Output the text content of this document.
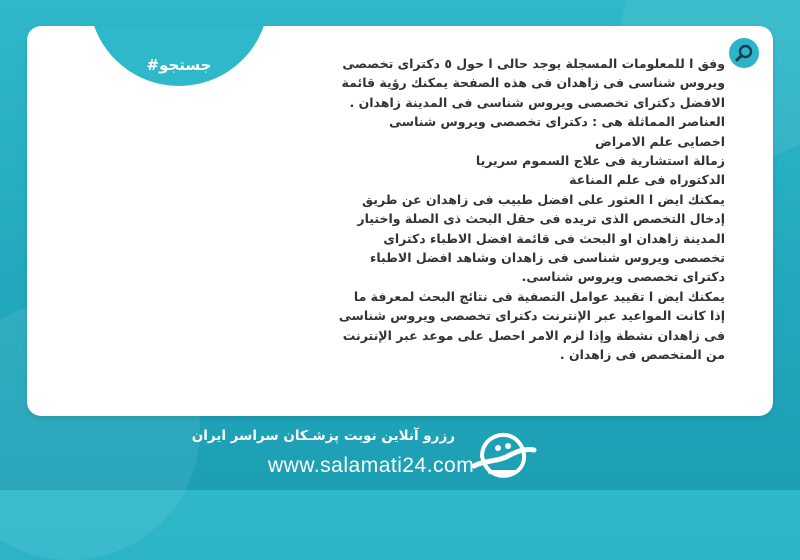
#جستجو	وفق ا للمعلومات المسجلة يوجد حالی ا حول ٥ دكترای تخصصی ويروس شناسی فی زاهدان فی هذه الصفحة يمكنك رؤية قائمة الافضل دكترای تخصصی ويروس شناسی فی المدينة زاهدان .

العناصر المماثلة هی : دكترای تخصصی ويروس شناسی

اخصايی علم الامراض

زمالة استشارية فی علاج السموم سريريا

الدكتوراه فی علم المناعة

يمكنك ايض ا العثور علی افضل طبيب فی زاهدان عن طريق إدخال التخصص الذی تريده فی حقل البحث ذی الصلة واختيار المدينة زاهدان او البحث فی قائمة افضل الاطباء دكترای تخصصی ويروس شناسی فی زاهدان وشاهد افضل الاطباء دكترای تخصصی ويروس شناسی.

يمكنك ايض ا تقييد عوامل التصفية فی نتائج البحث لمعرفة ما إذا كانت المواعيد عبر الإنترنت دكترای تخصصی ويروس شناسی فی زاهدان نشطة وإذا لزم الامر احصل علی موعد عبر الإنترنت من المتخصص فی زاهدان .

رزرو آنلاین نوبت پزشـکان سراسر ایران
www.salamati24.com
